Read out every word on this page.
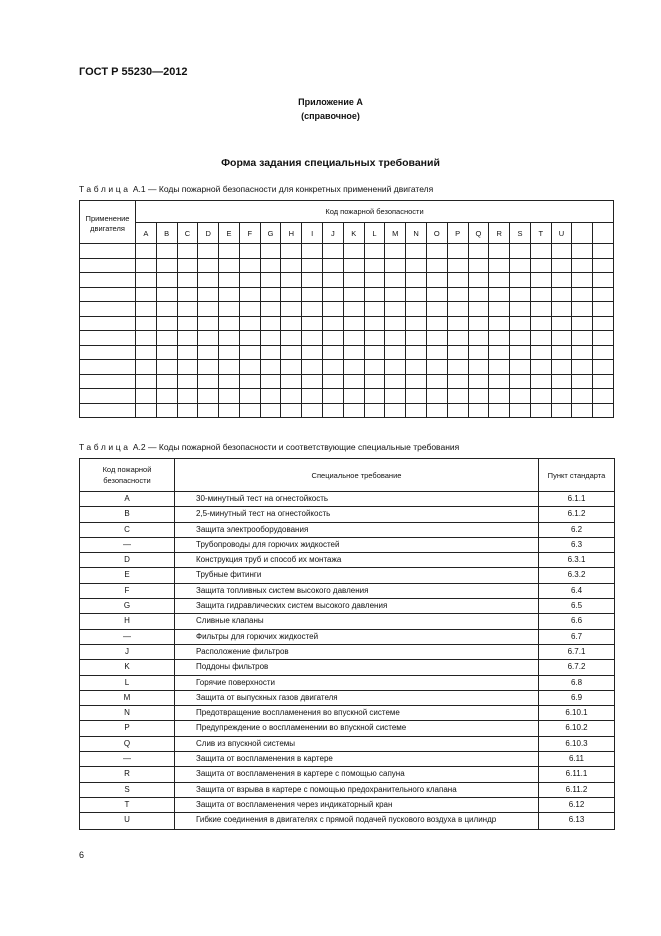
ГОСТ Р 55230—2012
Приложение А
(справочное)
Форма задания специальных требований
Таблица А.1 — Коды пожарной безопасности для конкретных применений двигателя
Применение
двигателя	Код пожарной безопасности																						
	A	B	C	D	E	F	G	H	I	J	K	L	M	N	O	P	Q	R	S	T	U		

Таблица А.2 — Коды пожарной безопасности и соответствующие специальные требования
Код пожарной
безопасности	Специальное требование	Пункт стандарта
A	30-минутный тест на огнестойкость	6.1.1
B	2,5-минутный тест на огнестойкость	6.1.2
C	Защита электрооборудования	6.2
—	Трубопроводы для горючих жидкостей	6.3
D	Конструкция труб и способ их монтажа	6.3.1
E	Трубные фитинги	6.3.2
F	Защита топливных систем высокого давления	6.4
G	Защита гидравлических систем высокого давления	6.5
H	Сливные клапаны	6.6
—	Фильтры для горючих жидкостей	6.7
J	Расположение фильтров	6.7.1
K	Поддоны фильтров	6.7.2
L	Горячие поверхности	6.8
M	Защита от выпускных газов двигателя	6.9
N	Предотвращение воспламенения во впускной системе	6.10.1
P	Предупреждение о воспламенении во впускной системе	6.10.2
Q	Слив из впускной системы	6.10.3
—	Защита от воспламенения в картере	6.11
R	Защита от воспламенения в картере с помощью сапуна	6.11.1
S	Защита от взрыва в картере с помощью предохранительного клапана	6.11.2
T	Защита от воспламенения через индикаторный кран	6.12
U	Гибкие соединения в двигателях с прямой подачей пускового воздуха в цилиндр	6.13
6
